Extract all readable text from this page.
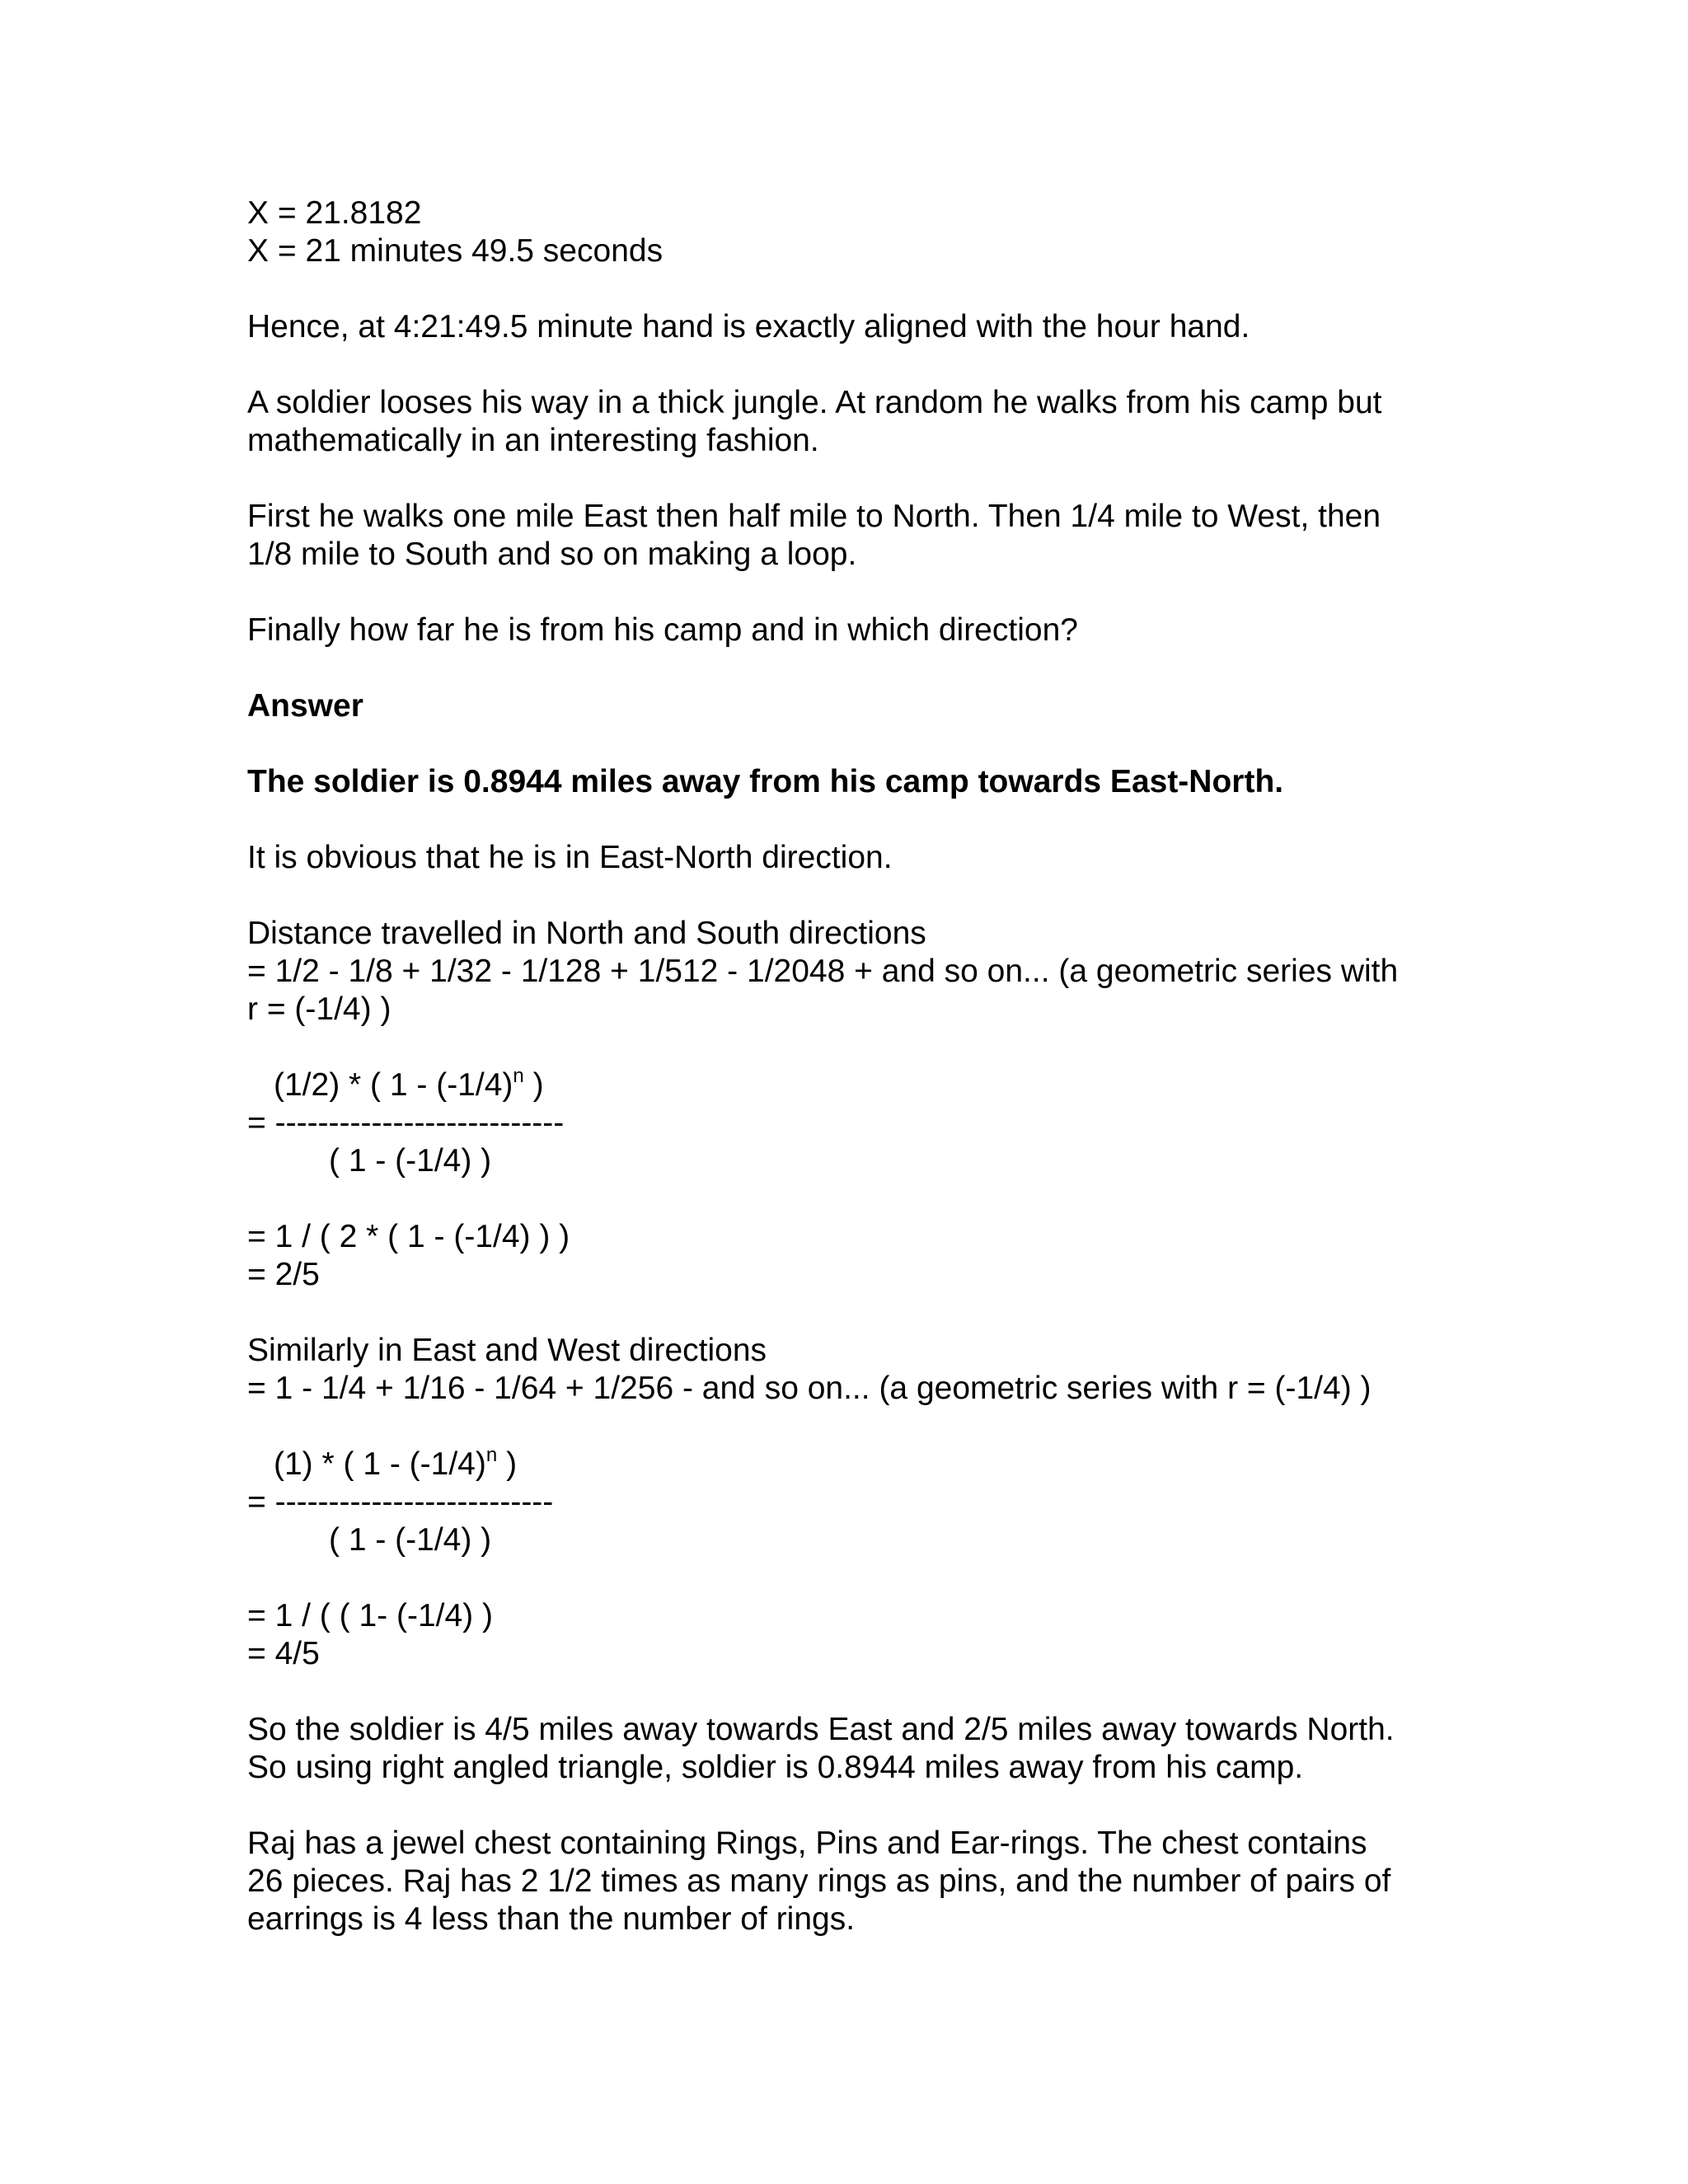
X = 21.8182
X = 21 minutes 49.5 seconds
Hence, at 4:21:49.5 minute hand is exactly aligned with the hour hand.
A soldier looses his way in a thick jungle. At random he walks from his camp but
mathematically in an interesting fashion.
First he walks one mile East then half mile to North. Then 1/4 mile to West, then
1/8 mile to South and so on making a loop.
Finally how far he is from his camp and in which direction?
Answer
The soldier is 0.8944 miles away from his camp towards East-North.
It is obvious that he is in East-North direction.
Distance travelled in North and South directions
= 1/2 - 1/8 + 1/32 - 1/128 + 1/512 - 1/2048 + and so on... (a geometric series with
r = (-1/4) )
(1/2) * ( $1 - (-1/4)^n$ )
= ---------------------------
( 1 - (-1/4) )
= 1 / ( 2 * ( 1 - (-1/4) ) )
= 2/5
Similarly in East and West directions
= 1 - 1/4 + 1/16 - 1/64 + 1/256 - and so on... (a geometric series with r = (-1/4) )
(1) * ( $1 - (-1/4)^n$ )
= --------------------------
( 1 - (-1/4) )
= 1 / ( ( 1- (-1/4) )
= 4/5
So the soldier is 4/5 miles away towards East and 2/5 miles away towards North.
So using right angled triangle, soldier is 0.8944 miles away from his camp.
Raj has a jewel chest containing Rings, Pins and Ear-rings. The chest contains
26 pieces. Raj has 2 1/2 times as many rings as pins, and the number of pairs of
earrings is 4 less than the number of rings.
